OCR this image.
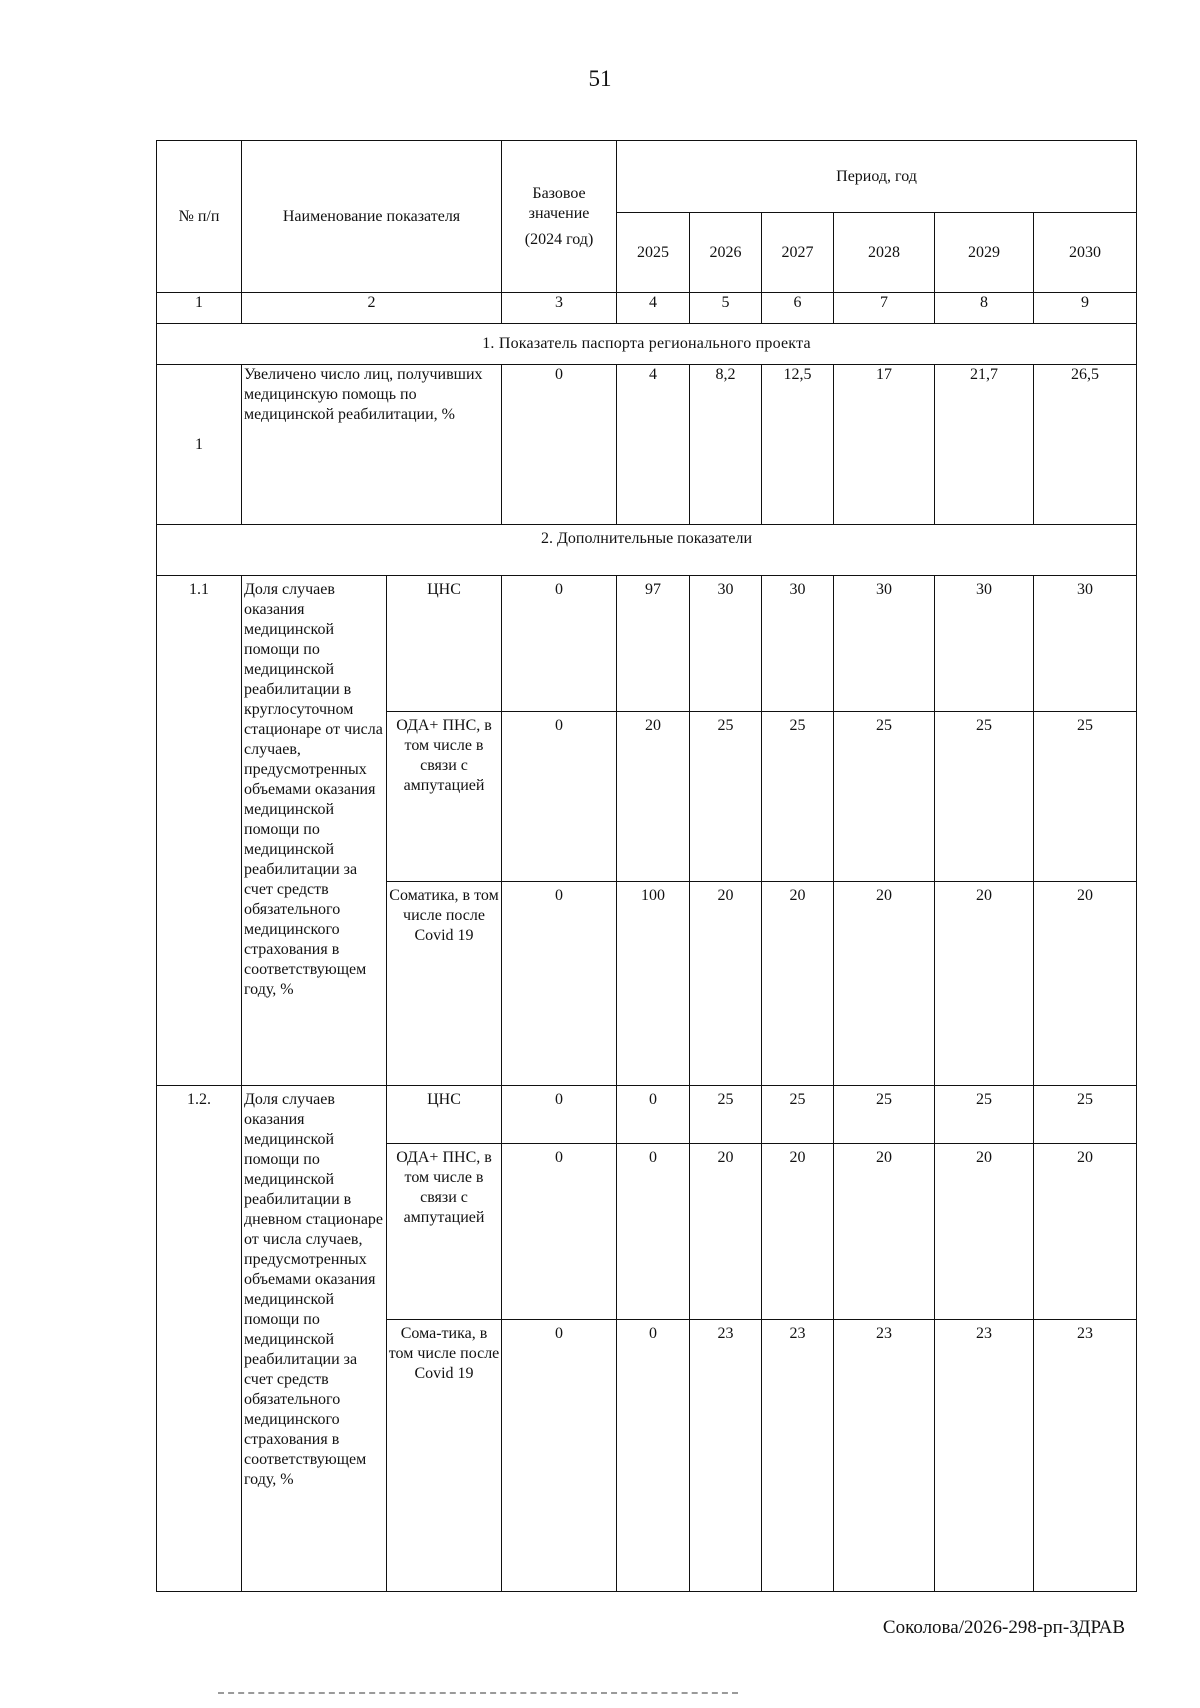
51
№ п/п	Наименование показателя		Базовое
значение
(2024 год)	Период, год					
				2025	2026	2027	2028	2029	2030
1	2		3	4	5	6	7	8	9
1. Показатель паспорта регионального проекта									
1	Увеличено число лиц, получивших медицинскую помощь по медицинской реабилитации, %		0	4	8,2	12,5	17	21,7	26,5
2. Дополнительные показатели									
1.1	Доля случаев оказания медицинской помощи по медицинской реабилитации в круглосуточном стационаре от числа случаев, предусмотренных объемами оказания медицинской помощи по медицинской реабилитации за счет средств обязательного медицинского страхования в соответствующем году, %	ЦНС	0	97	30	30	30	30	30
		ОДА+ ПНС, в том числе в связи с ампутацией	0	20	25	25	25	25	25
		Соматика, в том числе после Covid 19	0	100	20	20	20	20	20
1.2.	Доля случаев оказания медицинской помощи по медицинской реабилитации в дневном стационаре от числа случаев, предусмотренных объемами оказания медицинской помощи по медицинской реабилитации за счет средств обязательного медицинского страхования в соответствующем году, %	ЦНС	0	0	25	25	25	25	25
		ОДА+ ПНС, в том числе в связи с ампутацией	0	0	20	20	20	20	20
		Сома-тика, в том числе после Covid 19	0	0	23	23	23	23	23
Соколова/2026-298-рп-ЗДРАВ
